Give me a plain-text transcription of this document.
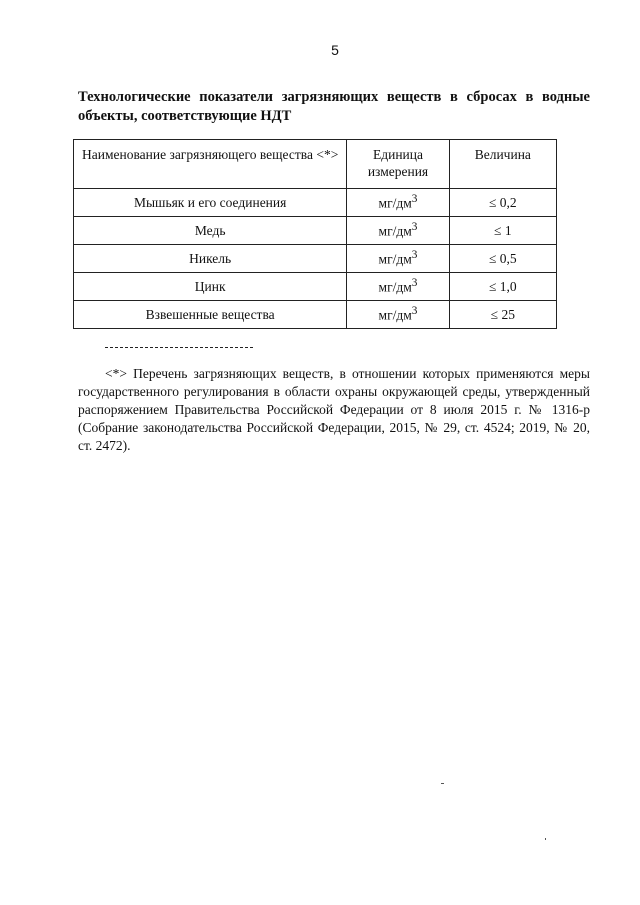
5
Технологические показатели загрязняющих веществ в сбросах в водные объекты, соответствующие НДТ
Наименование загрязняющего вещества <*>	Единица измерения	Величина
Мышьяк и его соединения	$мг/дм^3$	≤ 0,2
Медь	$мг/дм^3$	≤ 1
Никель	$мг/дм^3$	≤ 0,5
Цинк	$мг/дм^3$	≤ 1,0
Взвешенные вещества	$мг/дм^3$	≤ 25

<*> Перечень загрязняющих веществ, в отношении которых применяются меры государственного регулирования в области охраны окружающей среды, утвержденный распоряжением Правительства Российской Федерации от 8 июля 2015 г. № 1316-р (Собрание законодательства Российской Федерации, 2015, № 29, ст. 4524; 2019, № 20, ст. 2472).
